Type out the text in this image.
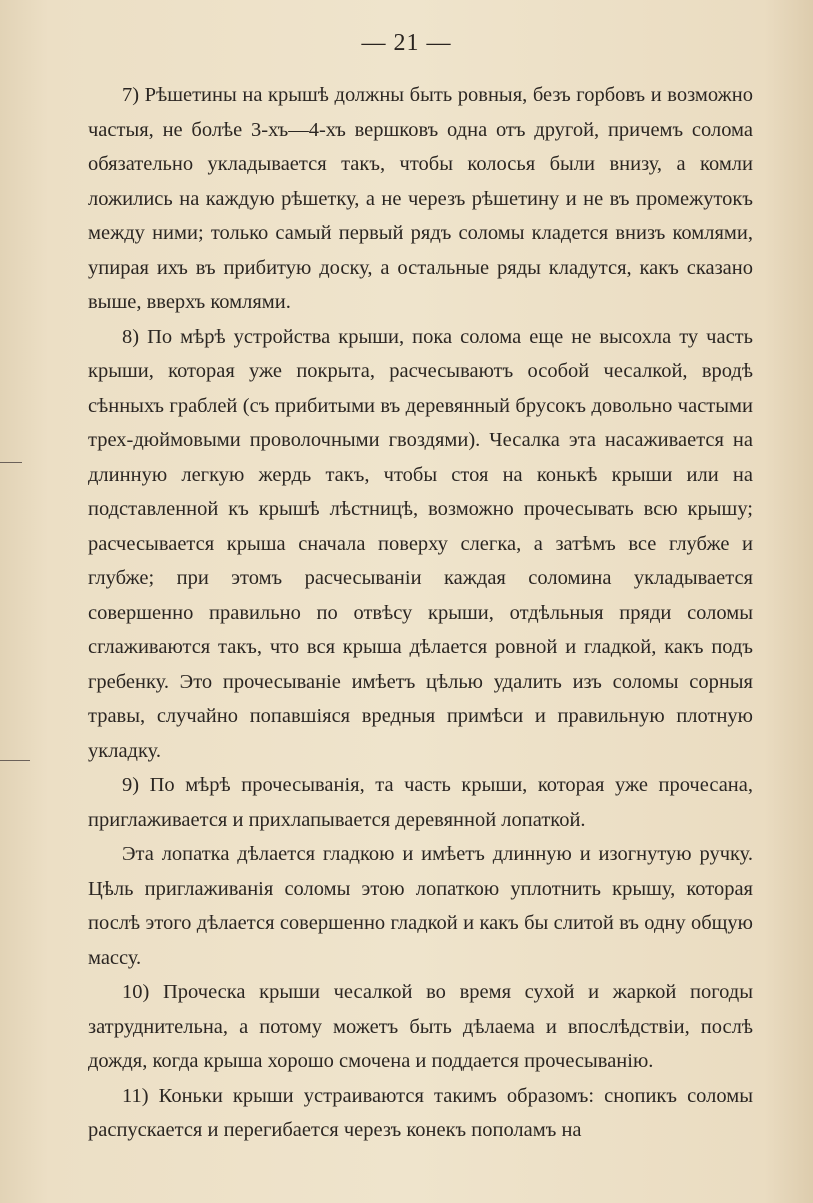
— 21 —

7) Рѣшетины на крышѣ должны быть ровныя, безъ горбовъ и возможно частыя, не болѣе 3-хъ—4-хъ вершковъ одна отъ другой, причемъ солома обязательно укладывается такъ, чтобы колосья были внизу, а комли ложились на каждую рѣшетку, а не черезъ рѣшетину и не въ промежутокъ между ними; только самый первый рядъ соломы кладется внизъ комлями, упирая ихъ въ прибитую доску, а остальные ряды кладутся, какъ сказано выше, вверхъ комлями.

8) По мѣрѣ устройства крыши, пока солома еще не высохла ту часть крыши, которая уже покрыта, расчесываютъ особой чесалкой, вродѣ сѣнныхъ граблей (съ прибитыми въ деревянный брусокъ довольно частыми трех-дюймовыми проволочными гвоздями). Чесалка эта насаживается на длинную легкую жердь такъ, чтобы стоя на конькѣ крыши или на подставленной къ крышѣ лѣстницѣ, возможно прочесывать всю крышу; расчесывается крыша сначала поверху слегка, а затѣмъ все глубже и глубже; при этомъ расчесываніи каждая соломина укладывается совершенно правильно по отвѣсу крыши, отдѣльныя пряди соломы сглаживаются такъ, что вся крыша дѣлается ровной и гладкой, какъ подъ гребенку. Это прочесываніе имѣетъ цѣлью удалить изъ соломы сорныя травы, случайно попавшіяся вредныя примѣси и правильную плотную укладку.

9) По мѣрѣ прочесыванія, та часть крыши, которая уже прочесана, приглаживается и прихлапывается деревянной лопаткой.

Эта лопатка дѣлается гладкою и имѣетъ длинную и изогнутую ручку. Цѣль приглаживанія соломы этою лопаткою уплотнить крышу, которая послѣ этого дѣлается совершенно гладкой и какъ бы слитой въ одну общую массу.

10) Проческа крыши чесалкой во время сухой и жаркой погоды затруднительна, а потому можетъ быть дѣлаема и впослѣдствіи, послѣ дождя, когда крыша хорошо смочена и поддается прочесыванію.

11) Коньки крыши устраиваются такимъ образомъ: снопикъ соломы распускается и перегибается черезъ конекъ пополамъ на
